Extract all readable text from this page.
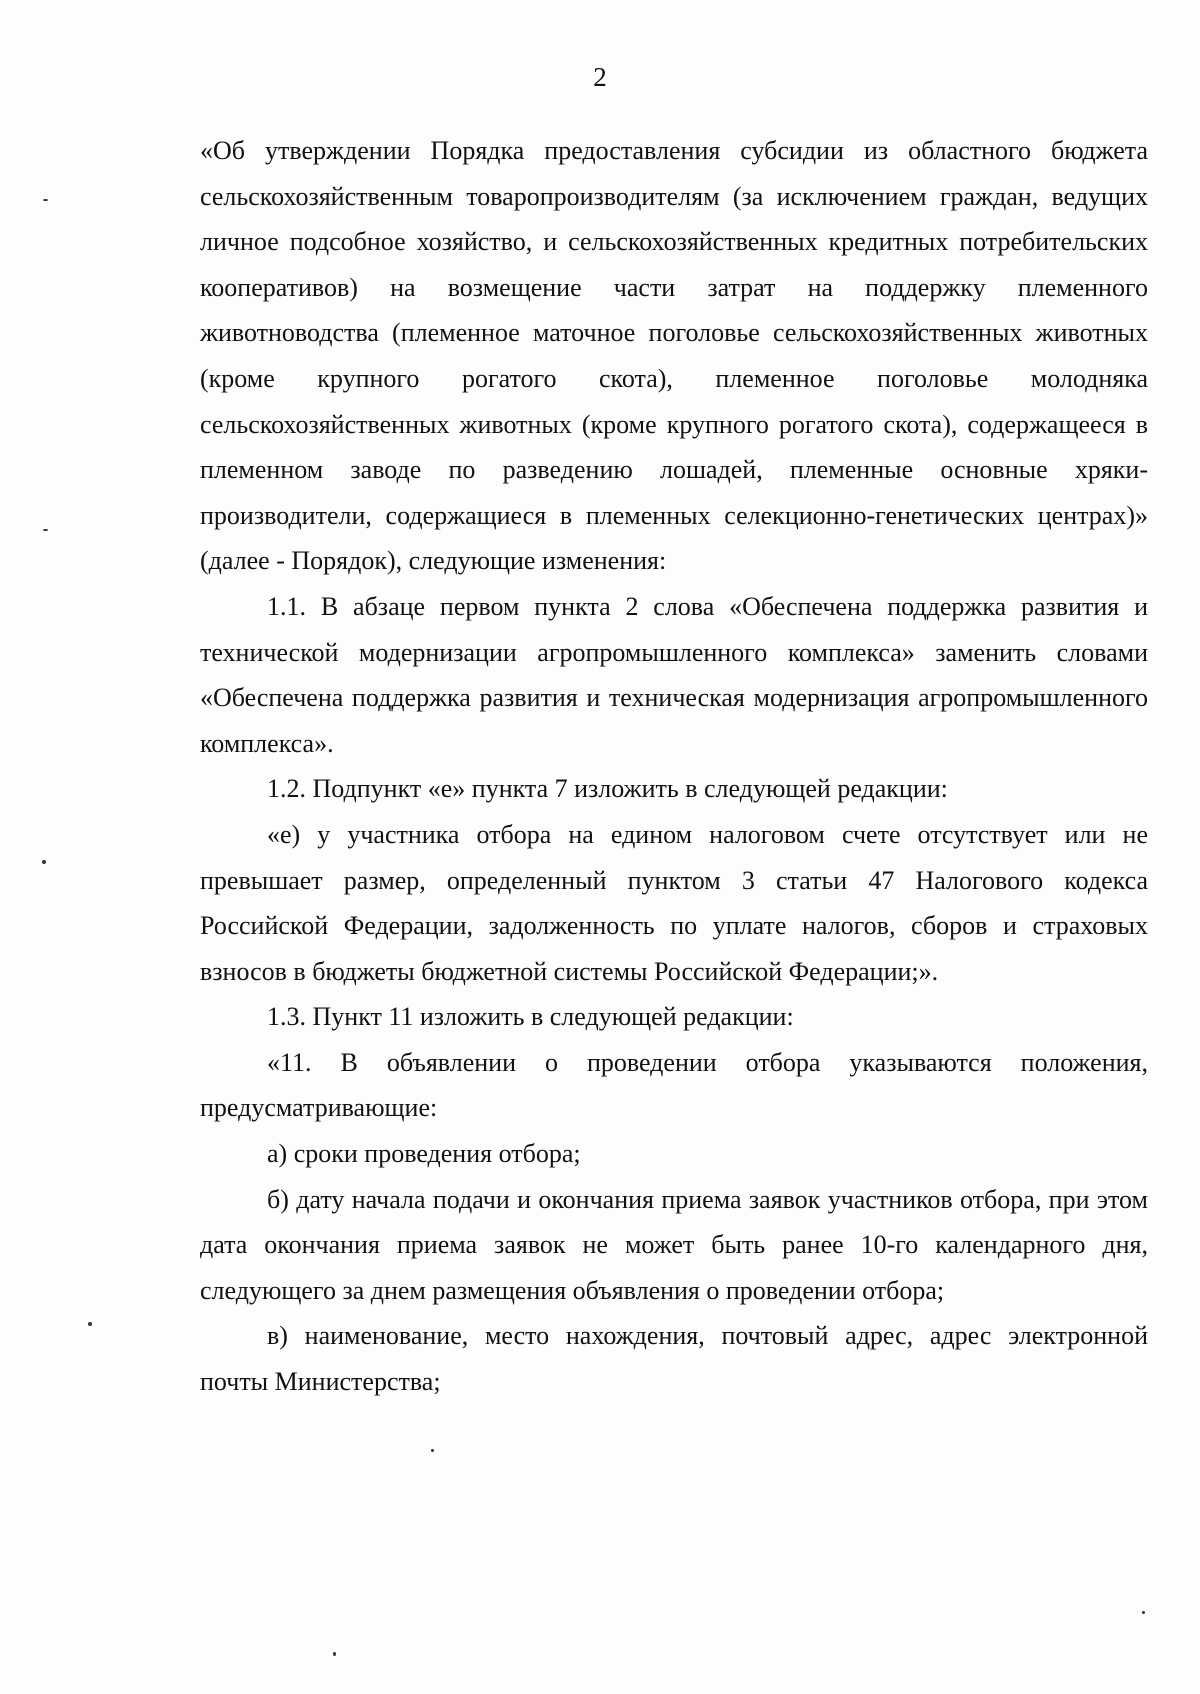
2

«Об утверждении Порядка предоставления субсидии из областного бюджета сельскохозяйственным товаропроизводителям (за исключением граждан, ведущих личное подсобное хозяйство, и сельскохозяйственных кредитных потребительских кооперативов) на возмещение части затрат на поддержку племенного животноводства (племенное маточное поголовье сельскохозяйственных животных (кроме крупного рогатого скота), племенное поголовье молодняка сельскохозяйственных животных (кроме крупного рогатого скота), содержащееся в племенном заводе по разведению лошадей, племенные основные хряки-производители, содержащиеся в племенных селекционно-генетических центрах)» (далее - Порядок), следующие изменения:

1.1. В абзаце первом пункта 2 слова «Обеспечена поддержка развития и технической модернизации агропромышленного комплекса» заменить словами «Обеспечена поддержка развития и техническая модернизация агропромышленного комплекса».

1.2. Подпункт «е» пункта 7 изложить в следующей редакции:

«е) у участника отбора на едином налоговом счете отсутствует или не превышает размер, определенный пунктом 3 статьи 47 Налогового кодекса Российской Федерации, задолженность по уплате налогов, сборов и страховых взносов в бюджеты бюджетной системы Российской Федерации;».

1.3. Пункт 11 изложить в следующей редакции:

«11. В объявлении о проведении отбора указываются положения, предусматривающие:

а) сроки проведения отбора;

б) дату начала подачи и окончания приема заявок участников отбора, при этом дата окончания приема заявок не может быть ранее 10-го календарного дня, следующего за днем размещения объявления о проведении отбора;

в) наименование, место нахождения, почтовый адрес, адрес электронной почты Министерства;
